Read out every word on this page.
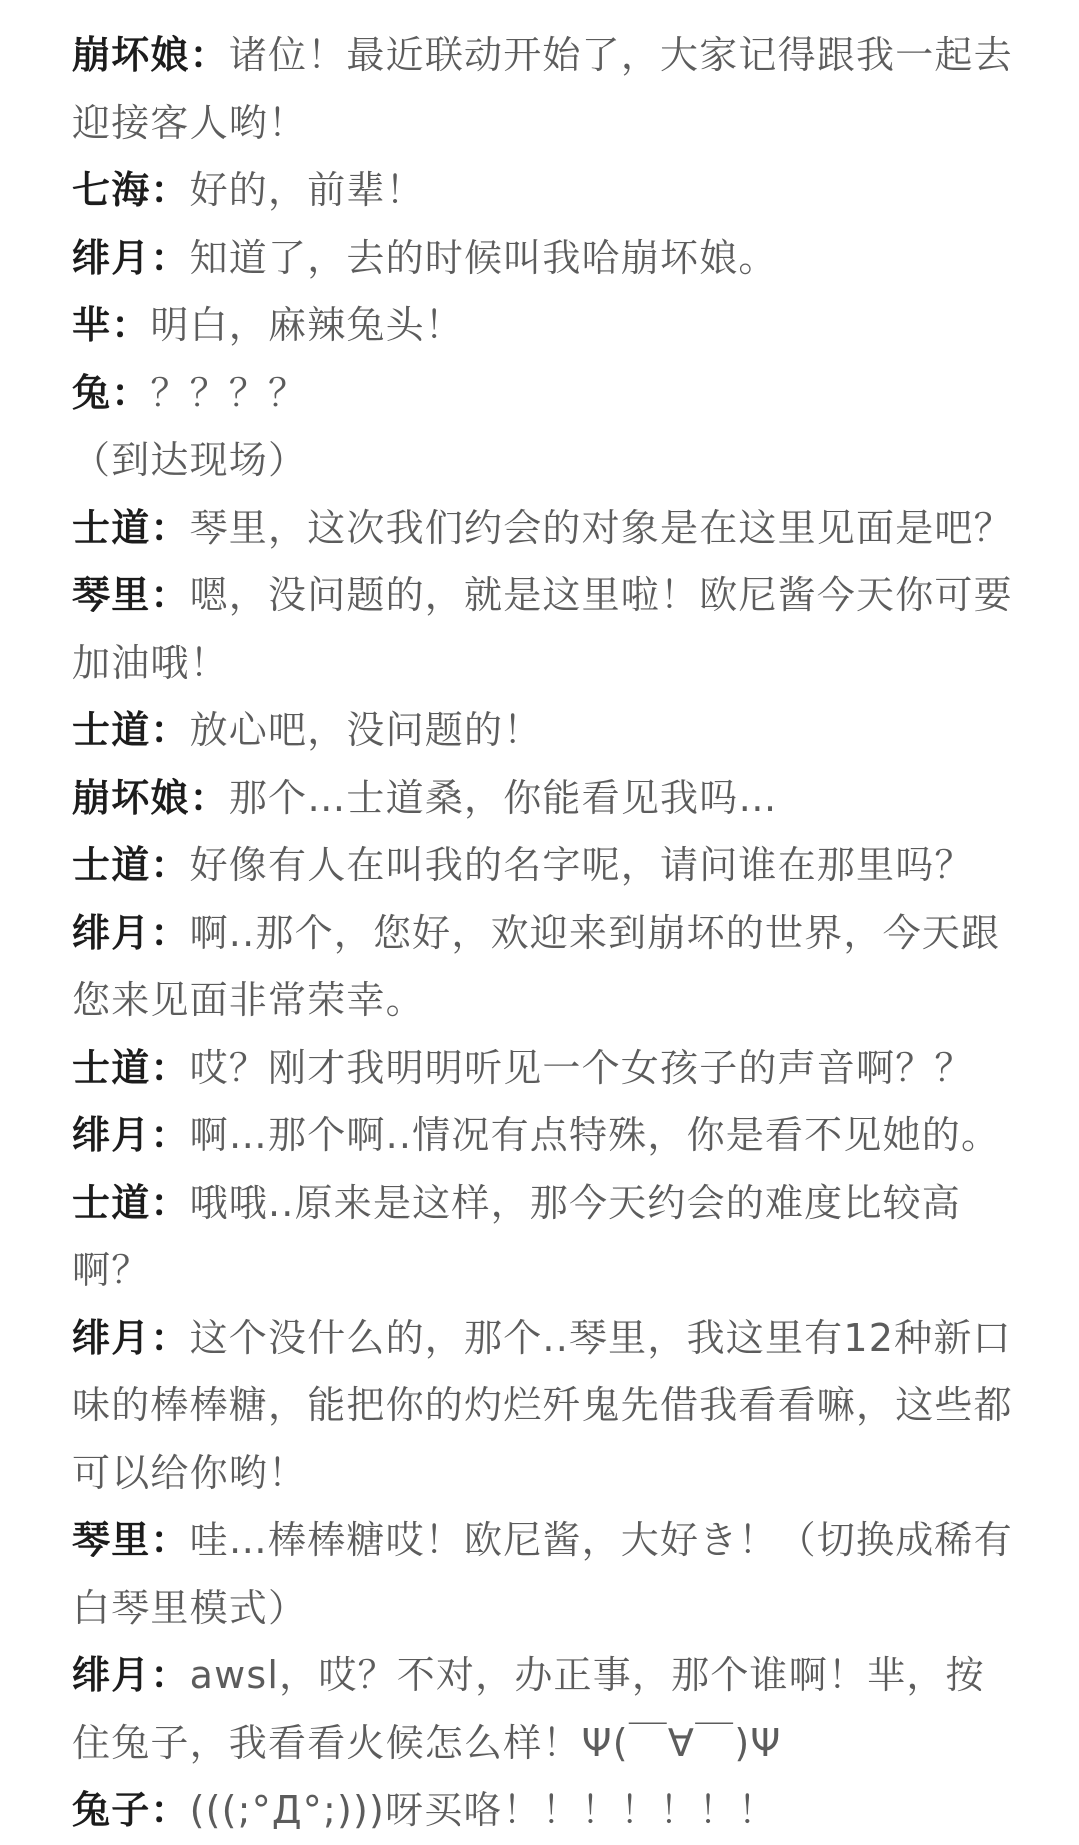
崩坏娘：诸位！最近联动开始了，大家记得跟我一起去迎接客人哟！

七海：好的，前辈！

绯月：知道了，去的时候叫我哈崩坏娘。

芈：明白，麻辣兔头！

兔：？？？？

（到达现场）

士道：琴里，这次我们约会的对象是在这里见面是吧？

琴里：嗯，没问题的，就是这里啦！欧尼酱今天你可要加油哦！

士道：放心吧，没问题的！

崩坏娘：那个…士道桑，你能看见我吗…

士道：好像有人在叫我的名字呢，请问谁在那里吗？

绯月：啊..那个，您好，欢迎来到崩坏的世界，今天跟您来见面非常荣幸。

士道：哎？刚才我明明听见一个女孩子的声音啊？？

绯月：啊…那个啊..情况有点特殊，你是看不见她的。

士道：哦哦..原来是这样，那今天约会的难度比较高啊？

绯月：这个没什么的，那个..琴里，我这里有12种新口味的棒棒糖，能把你的灼烂歼鬼先借我看看嘛，这些都可以给你哟！

琴里：哇…棒棒糖哎！欧尼酱，大好き！（切换成稀有白琴里模式）

绯月：awsl，哎？不对，办正事，那个谁啊！芈，按住兔子，我看看火候怎么样！Ψ(￣∀￣)Ψ

兔子：(((;°Д°;)))呀买咯！！！！！！！
